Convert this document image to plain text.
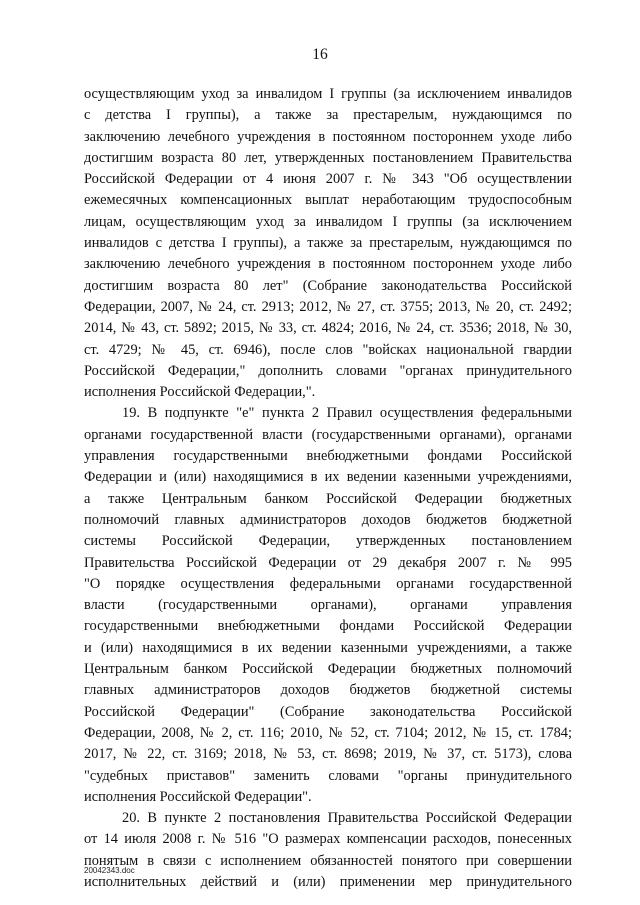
16
осуществляющим уход за инвалидом I группы (за исключением инвалидов
с детства I группы), а также за престарелым, нуждающимся по
заключению лечебного учреждения в постоянном постороннем уходе либо
достигшим возраста 80 лет, утвержденных постановлением Правительства
Российской Федерации от 4 июня 2007 г. № 343 "Об осуществлении
ежемесячных компенсационных выплат неработающим трудоспособным
лицам, осуществляющим уход за инвалидом I группы (за исключением
инвалидов с детства I группы), а также за престарелым, нуждающимся по
заключению лечебного учреждения в постоянном постороннем уходе либо
достигшим возраста 80 лет" (Собрание законодательства Российской
Федерации, 2007, № 24, ст. 2913; 2012, № 27, ст. 3755; 2013, № 20, ст. 2492;
2014, № 43, ст. 5892; 2015, № 33, ст. 4824; 2016, № 24, ст. 3536; 2018, № 30,
ст. 4729; № 45, ст. 6946), после слов "войсках национальной гвардии
Российской Федерации," дополнить словами "органах принудительного
исполнения Российской Федерации,".
19. В подпункте "е" пункта 2 Правил осуществления федеральными
органами государственной власти (государственными органами), органами
управления государственными внебюджетными фондами Российской
Федерации и (или) находящимися в их ведении казенными учреждениями,
а также Центральным банком Российской Федерации бюджетных
полномочий главных администраторов доходов бюджетов бюджетной
системы Российской Федерации, утвержденных постановлением
Правительства Российской Федерации от 29 декабря 2007 г. № 995
"О порядке осуществления федеральными органами государственной
власти (государственными органами), органами управления
государственными внебюджетными фондами Российской Федерации
и (или) находящимися в их ведении казенными учреждениями, а также
Центральным банком Российской Федерации бюджетных полномочий
главных администраторов доходов бюджетов бюджетной системы
Российской Федерации" (Собрание законодательства Российской
Федерации, 2008, № 2, ст. 116; 2010, № 52, ст. 7104; 2012, № 15, ст. 1784;
2017, № 22, ст. 3169; 2018, № 53, ст. 8698; 2019, № 37, ст. 5173), слова
"судебных приставов" заменить словами "органы принудительного
исполнения Российской Федерации".
20. В пункте 2 постановления Правительства Российской Федерации
от 14 июля 2008 г. № 516 "О размерах компенсации расходов, понесенных
понятым в связи с исполнением обязанностей понятого при совершении
исполнительных действий и (или) применении мер принудительного
20042343.doc
